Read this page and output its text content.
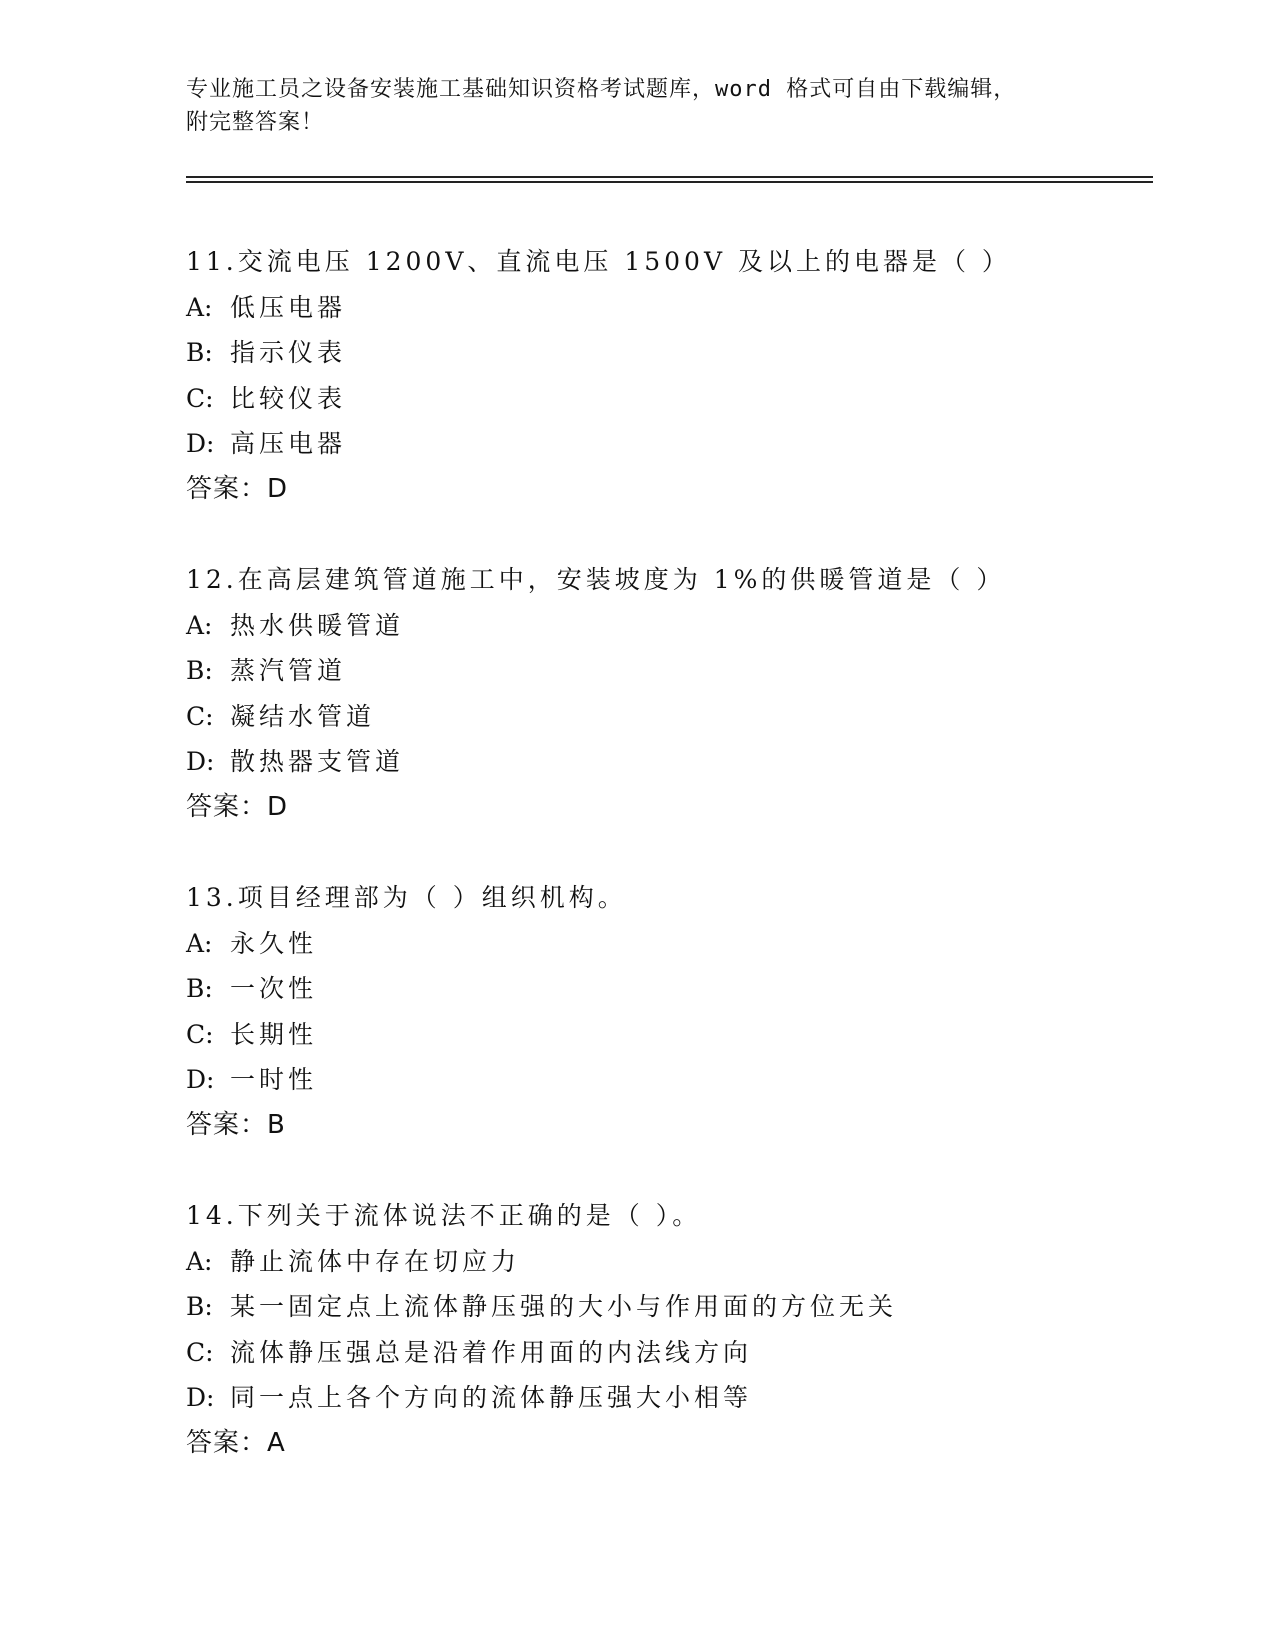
专业施工员之设备安装施工基础知识资格考试题库，word 格式可自由下载编辑，
附完整答案！
11.交流电压 1200V、直流电压 1500V 及以上的电器是（ ）
A: 低压电器
B: 指示仪表
C: 比较仪表
D: 高压电器
答案：D
12.在高层建筑管道施工中，安装坡度为 1%的供暖管道是（ ）
A: 热水供暖管道
B: 蒸汽管道
C: 凝结水管道
D: 散热器支管道
答案：D
13.项目经理部为（ ）组织机构。
A: 永久性
B: 一次性
C: 长期性
D: 一时性
答案：B
14.下列关于流体说法不正确的是（ ）。
A: 静止流体中存在切应力
B: 某一固定点上流体静压强的大小与作用面的方位无关
C: 流体静压强总是沿着作用面的内法线方向
D: 同一点上各个方向的流体静压强大小相等
答案：A
